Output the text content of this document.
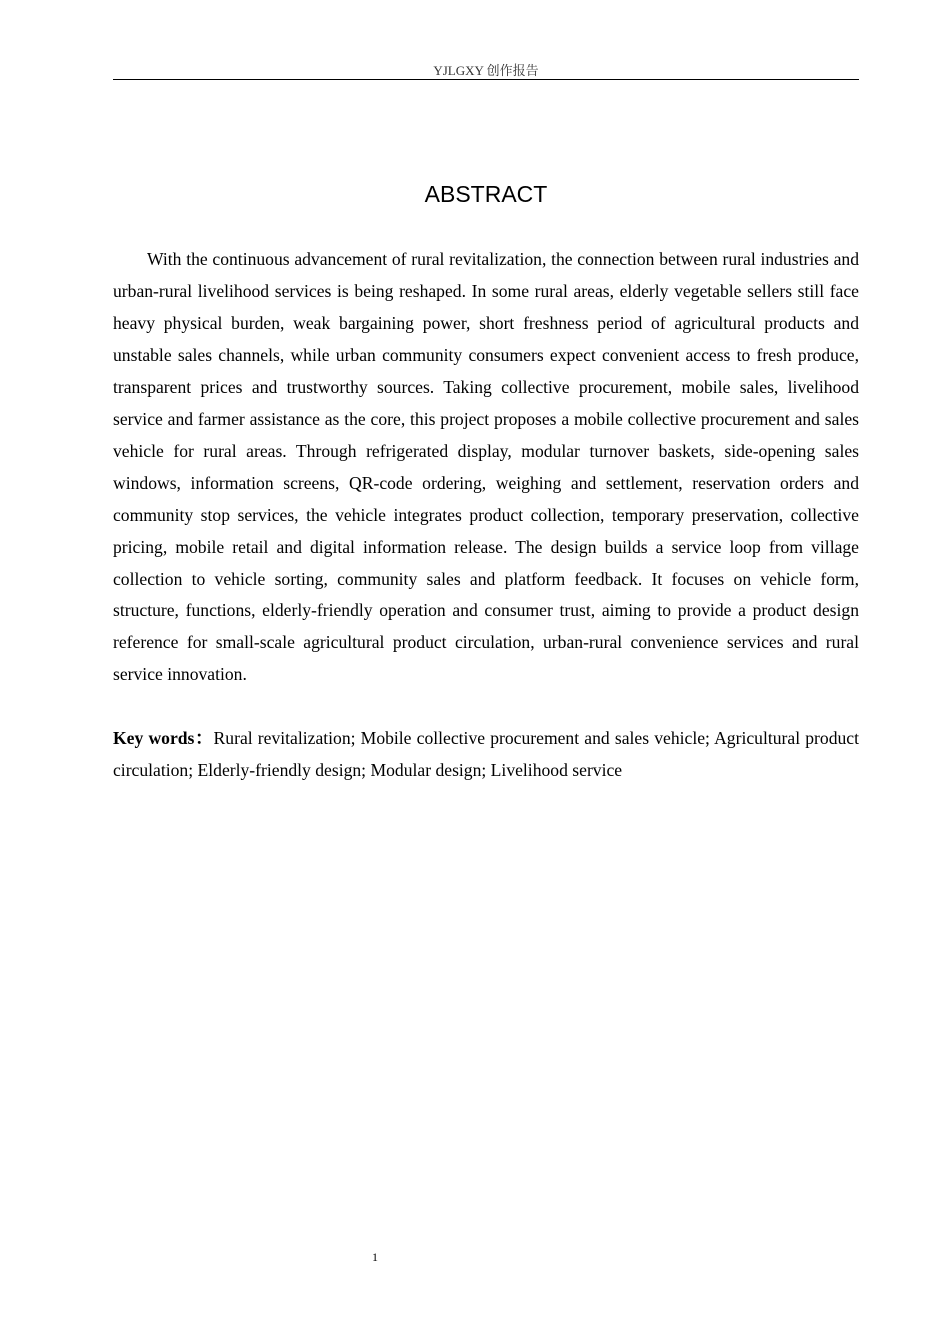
YJLGXY 创作报告
ABSTRACT

With the continuous advancement of rural revitalization, the connection between rural industries and urban-rural livelihood services is being reshaped. In some rural areas, elderly vegetable sellers still face heavy physical burden, weak bargaining power, short freshness period of agricultural products and unstable sales channels, while urban community consumers expect convenient access to fresh produce, transparent prices and trustworthy sources. Taking collective procurement, mobile sales, livelihood service and farmer assistance as the core, this project proposes a mobile collective procurement and sales vehicle for rural areas. Through refrigerated display, modular turnover baskets, side-opening sales windows, information screens, QR-code ordering, weighing and settlement, reservation orders and community stop services, the vehicle integrates product collection, temporary preservation, collective pricing, mobile retail and digital information release. The design builds a service loop from village collection to vehicle sorting, community sales and platform feedback. It focuses on vehicle form, structure, functions, elderly-friendly operation and consumer trust, aiming to provide a product design reference for small-scale agricultural product circulation, urban-rural convenience services and rural service innovation.

Key words：Rural revitalization; Mobile collective procurement and sales vehicle; Agricultural product circulation; Elderly-friendly design; Modular design; Livelihood service

1
